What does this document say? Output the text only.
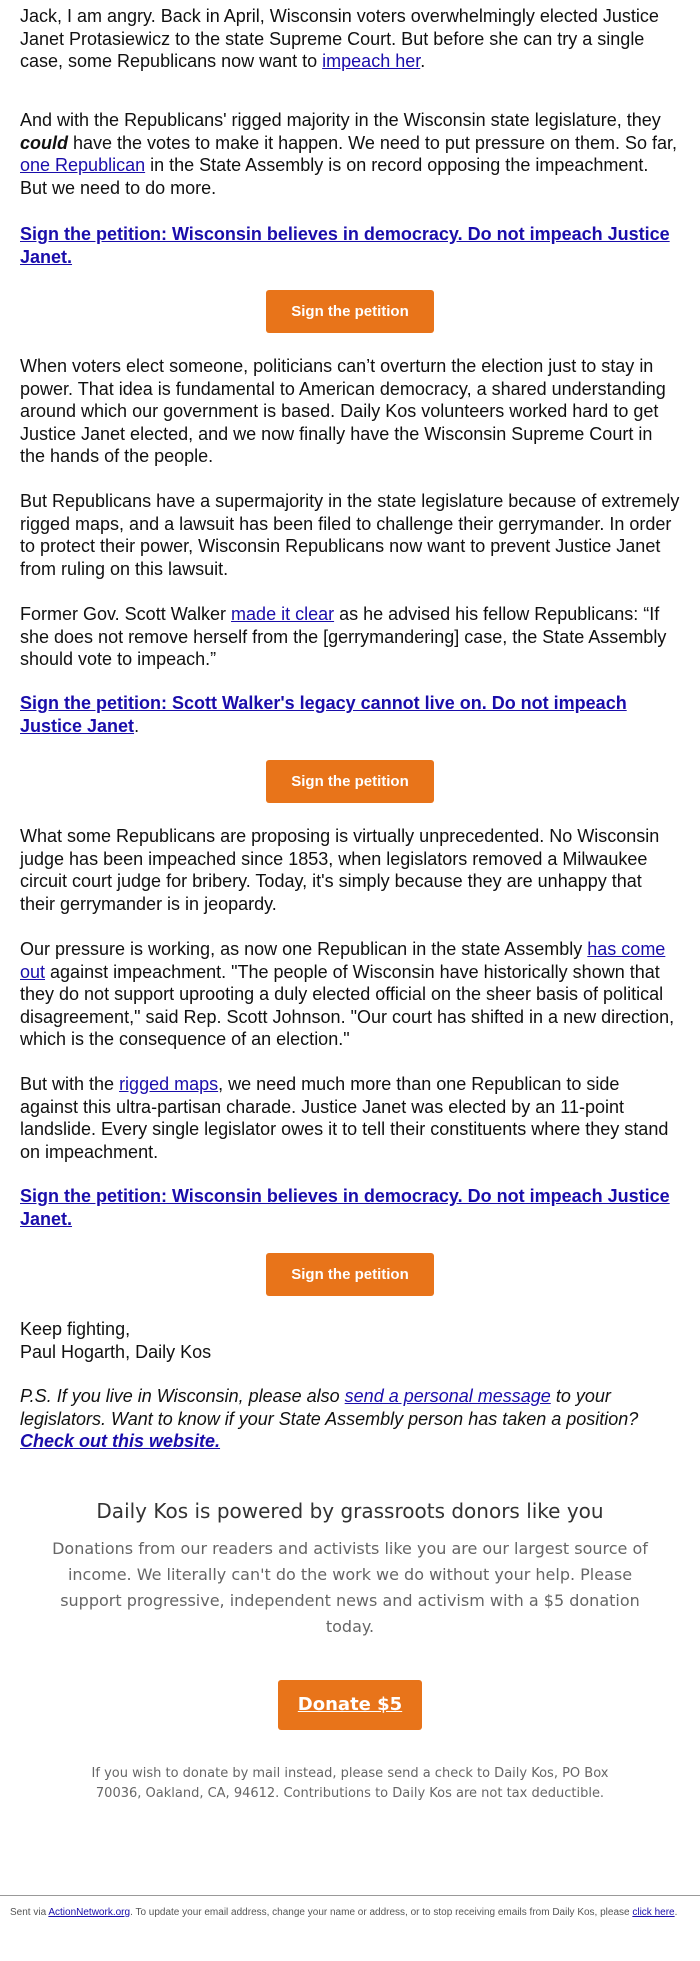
Jack, I am angry. Back in April, Wisconsin voters overwhelmingly elected Justice Janet Protasiewicz to the state Supreme Court. But before she can try a single case, some Republicans now want to impeach her.

And with the Republicans' rigged majority in the Wisconsin state legislature, they could have the votes to make it happen. We need to put pressure on them. So far, one Republican in the State Assembly is on record opposing the impeachment. But we need to do more.

Sign the petition: Wisconsin believes in democracy. Do not impeach Justice Janet.

Sign the petition

When voters elect someone, politicians can’t overturn the election just to stay in power. That idea is fundamental to American democracy, a shared understanding around which our government is based. Daily Kos volunteers worked hard to get Justice Janet elected, and we now finally have the Wisconsin Supreme Court in the hands of the people.

But Republicans have a supermajority in the state legislature because of extremely rigged maps, and a lawsuit has been filed to challenge their gerrymander. In order to protect their power, Wisconsin Republicans now want to prevent Justice Janet from ruling on this lawsuit.

Former Gov. Scott Walker made it clear as he advised his fellow Republicans: “If she does not remove herself from the [gerrymandering] case, the State Assembly should vote to impeach.”

Sign the petition: Scott Walker's legacy cannot live on. Do not impeach Justice Janet.

Sign the petition

What some Republicans are proposing is virtually unprecedented. No Wisconsin judge has been impeached since 1853, when legislators removed a Milwaukee circuit court judge for bribery. Today, it's simply because they are unhappy that their gerrymander is in jeopardy.

Our pressure is working, as now one Republican in the state Assembly has come out against impeachment. "The people of Wisconsin have historically shown that they do not support uprooting a duly elected official on the sheer basis of political disagreement," said Rep. Scott Johnson. "Our court has shifted in a new direction, which is the consequence of an election."

But with the rigged maps, we need much more than one Republican to side against this ultra-partisan charade. Justice Janet was elected by an 11-point landslide. Every single legislator owes it to tell their constituents where they stand on impeachment.

Sign the petition: Wisconsin believes in democracy. Do not impeach Justice Janet.

Sign the petition

Keep fighting,
Paul Hogarth, Daily Kos

P.S. If you live in Wisconsin, please also send a personal message to your legislators. Want to know if your State Assembly person has taken a position? Check out this website.

Daily Kos is powered by grassroots donors like you
Donations from our readers and activists like you are our largest source of income. We literally can't do the work we do without your help. Please support progressive, independent news and activism with a $5 donation today.
Donate $5
If you wish to donate by mail instead, please send a check to Daily Kos, PO Box 70036, Oakland, CA, 94612. Contributions to Daily Kos are not tax deductible.
Sent via ActionNetwork.org. To update your email address, change your name or address, or to stop receiving emails from Daily Kos, please click here.
